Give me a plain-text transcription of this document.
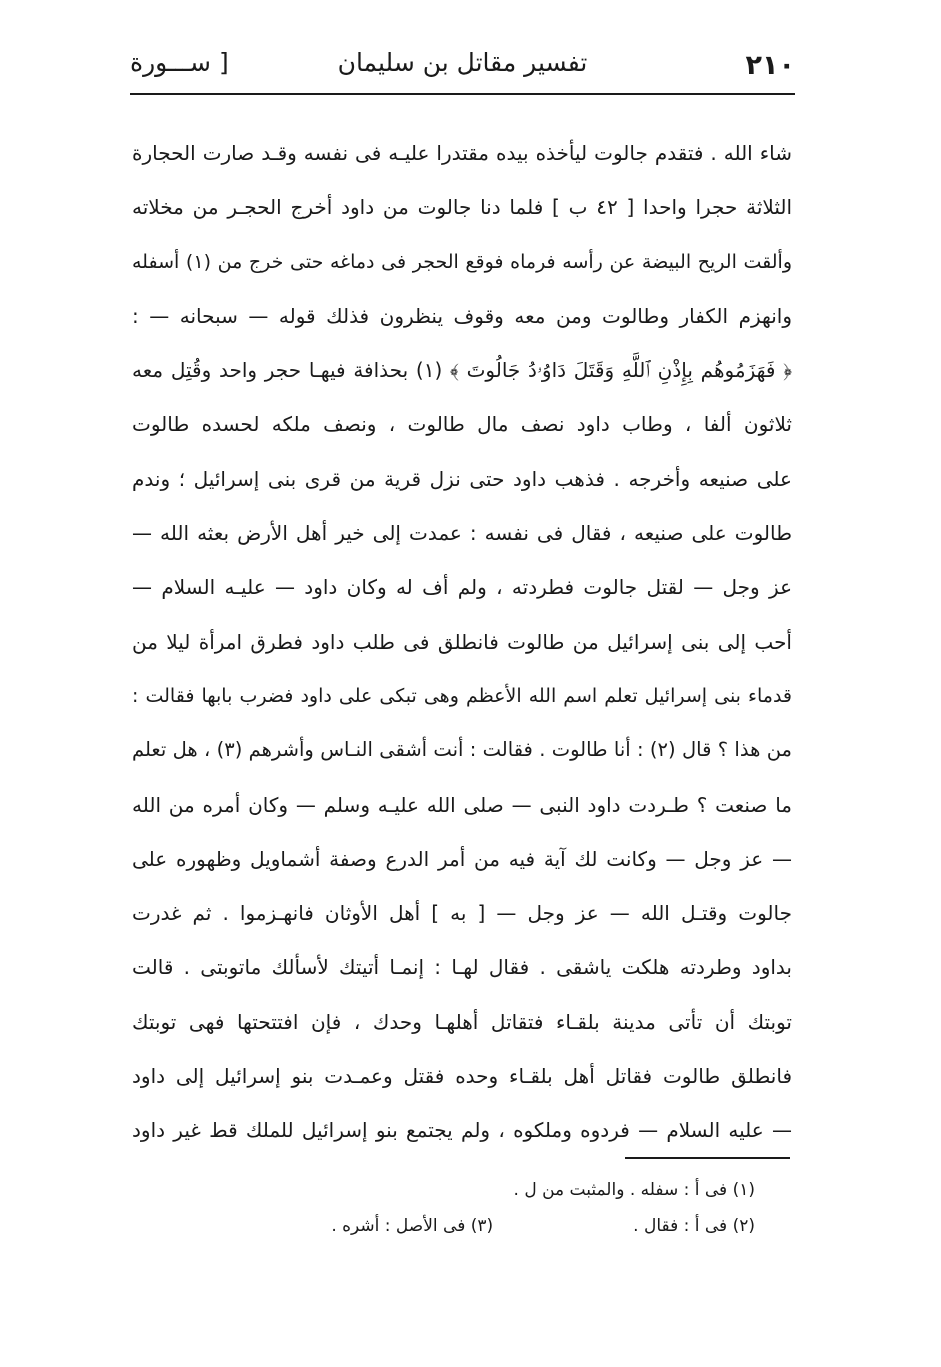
٢١٠
تفسير مقاتل بن سليمان
[ ســـورة
شاء الله . فتقدم جالوت ليأخذه بيده مقتدرا عليـه فى نفسه وقـد صارت الحجارة
الثلاثة حجرا واحدا [ ٤٢ ب ] فلما دنا جالوت من داود أخرج الحجـر من مخلاته
وألقت الريح البيضة عن رأسه فرماه فوقع الحجر فى دماغه حتى خرج من (١) أسفله
وانهزم الكفار وطالوت ومن معه وقوف ينظرون فذلك قوله — سبحانه — :
﴿ فَهَزَمُوهُم بِإِذْنِ ٱللَّهِ وَقَتَلَ دَاوُۥدُ جَالُوتَ ﴾ (١) بحذافة فيهـا حجر واحد وقُتِل معه
ثلاثون ألفا ، وطاب داود نصف مال طالوت ، ونصف ملكه لحسده طالوت
على صنيعه وأخرجه . فذهب داود حتى نزل قرية من قرى بنى إسرائيل ؛ وندم
طالوت على صنيعه ، فقال فى نفسه : عمدت إلى خير أهل الأرض بعثه الله —
عز وجل — لقتل جالوت فطردته ، ولم أف له وكان داود — عليـه السلام —
أحب إلى بنى إسرائيل من طالوت فانطلق فى طلب داود فطرق امرأة ليلا من
قدماء بنى إسرائيل تعلم اسم الله الأعظم وهى تبكى على داود فضرب بابها فقالت :
من هذا ؟ قال (٢) : أنا طالوت . فقالت : أنت أشقى النـاس وأشرهم (٣) ، هل تعلم
ما صنعت ؟ طـردت داود النبى — صلى الله عليـه وسلم — وكان أمره من الله
— عز وجل — وكانت لك آية فيه من أمر الدرع وصفة أشماويل وظهوره على
جالوت وقتـل الله — عز وجل — [ به ] أهل الأوثان فانهـزموا . ثم غدرت
بداود وطردته هلكت ياشقى . فقال لهـا : إنمـا أتيتك لأسألك ماتوبتى . قالت
توبتك أن تأتى مدينة بلقـاء فتقاتل أهلهـا وحدك ، فإن افتتحتها فهى توبتك
فانطلق طالوت فقاتل أهل بلقـاء وحده فقتل وعمـدت بنو إسرائيل إلى داود
— عليه السلام — فردوه وملكوه ، ولم يجتمع بنو إسرائيل للملك قط غير داود
(١) فى أ : سفله . والمثبت من ل .
(٢) فى أ : فقال .(٣) فى الأصل : أشره .
